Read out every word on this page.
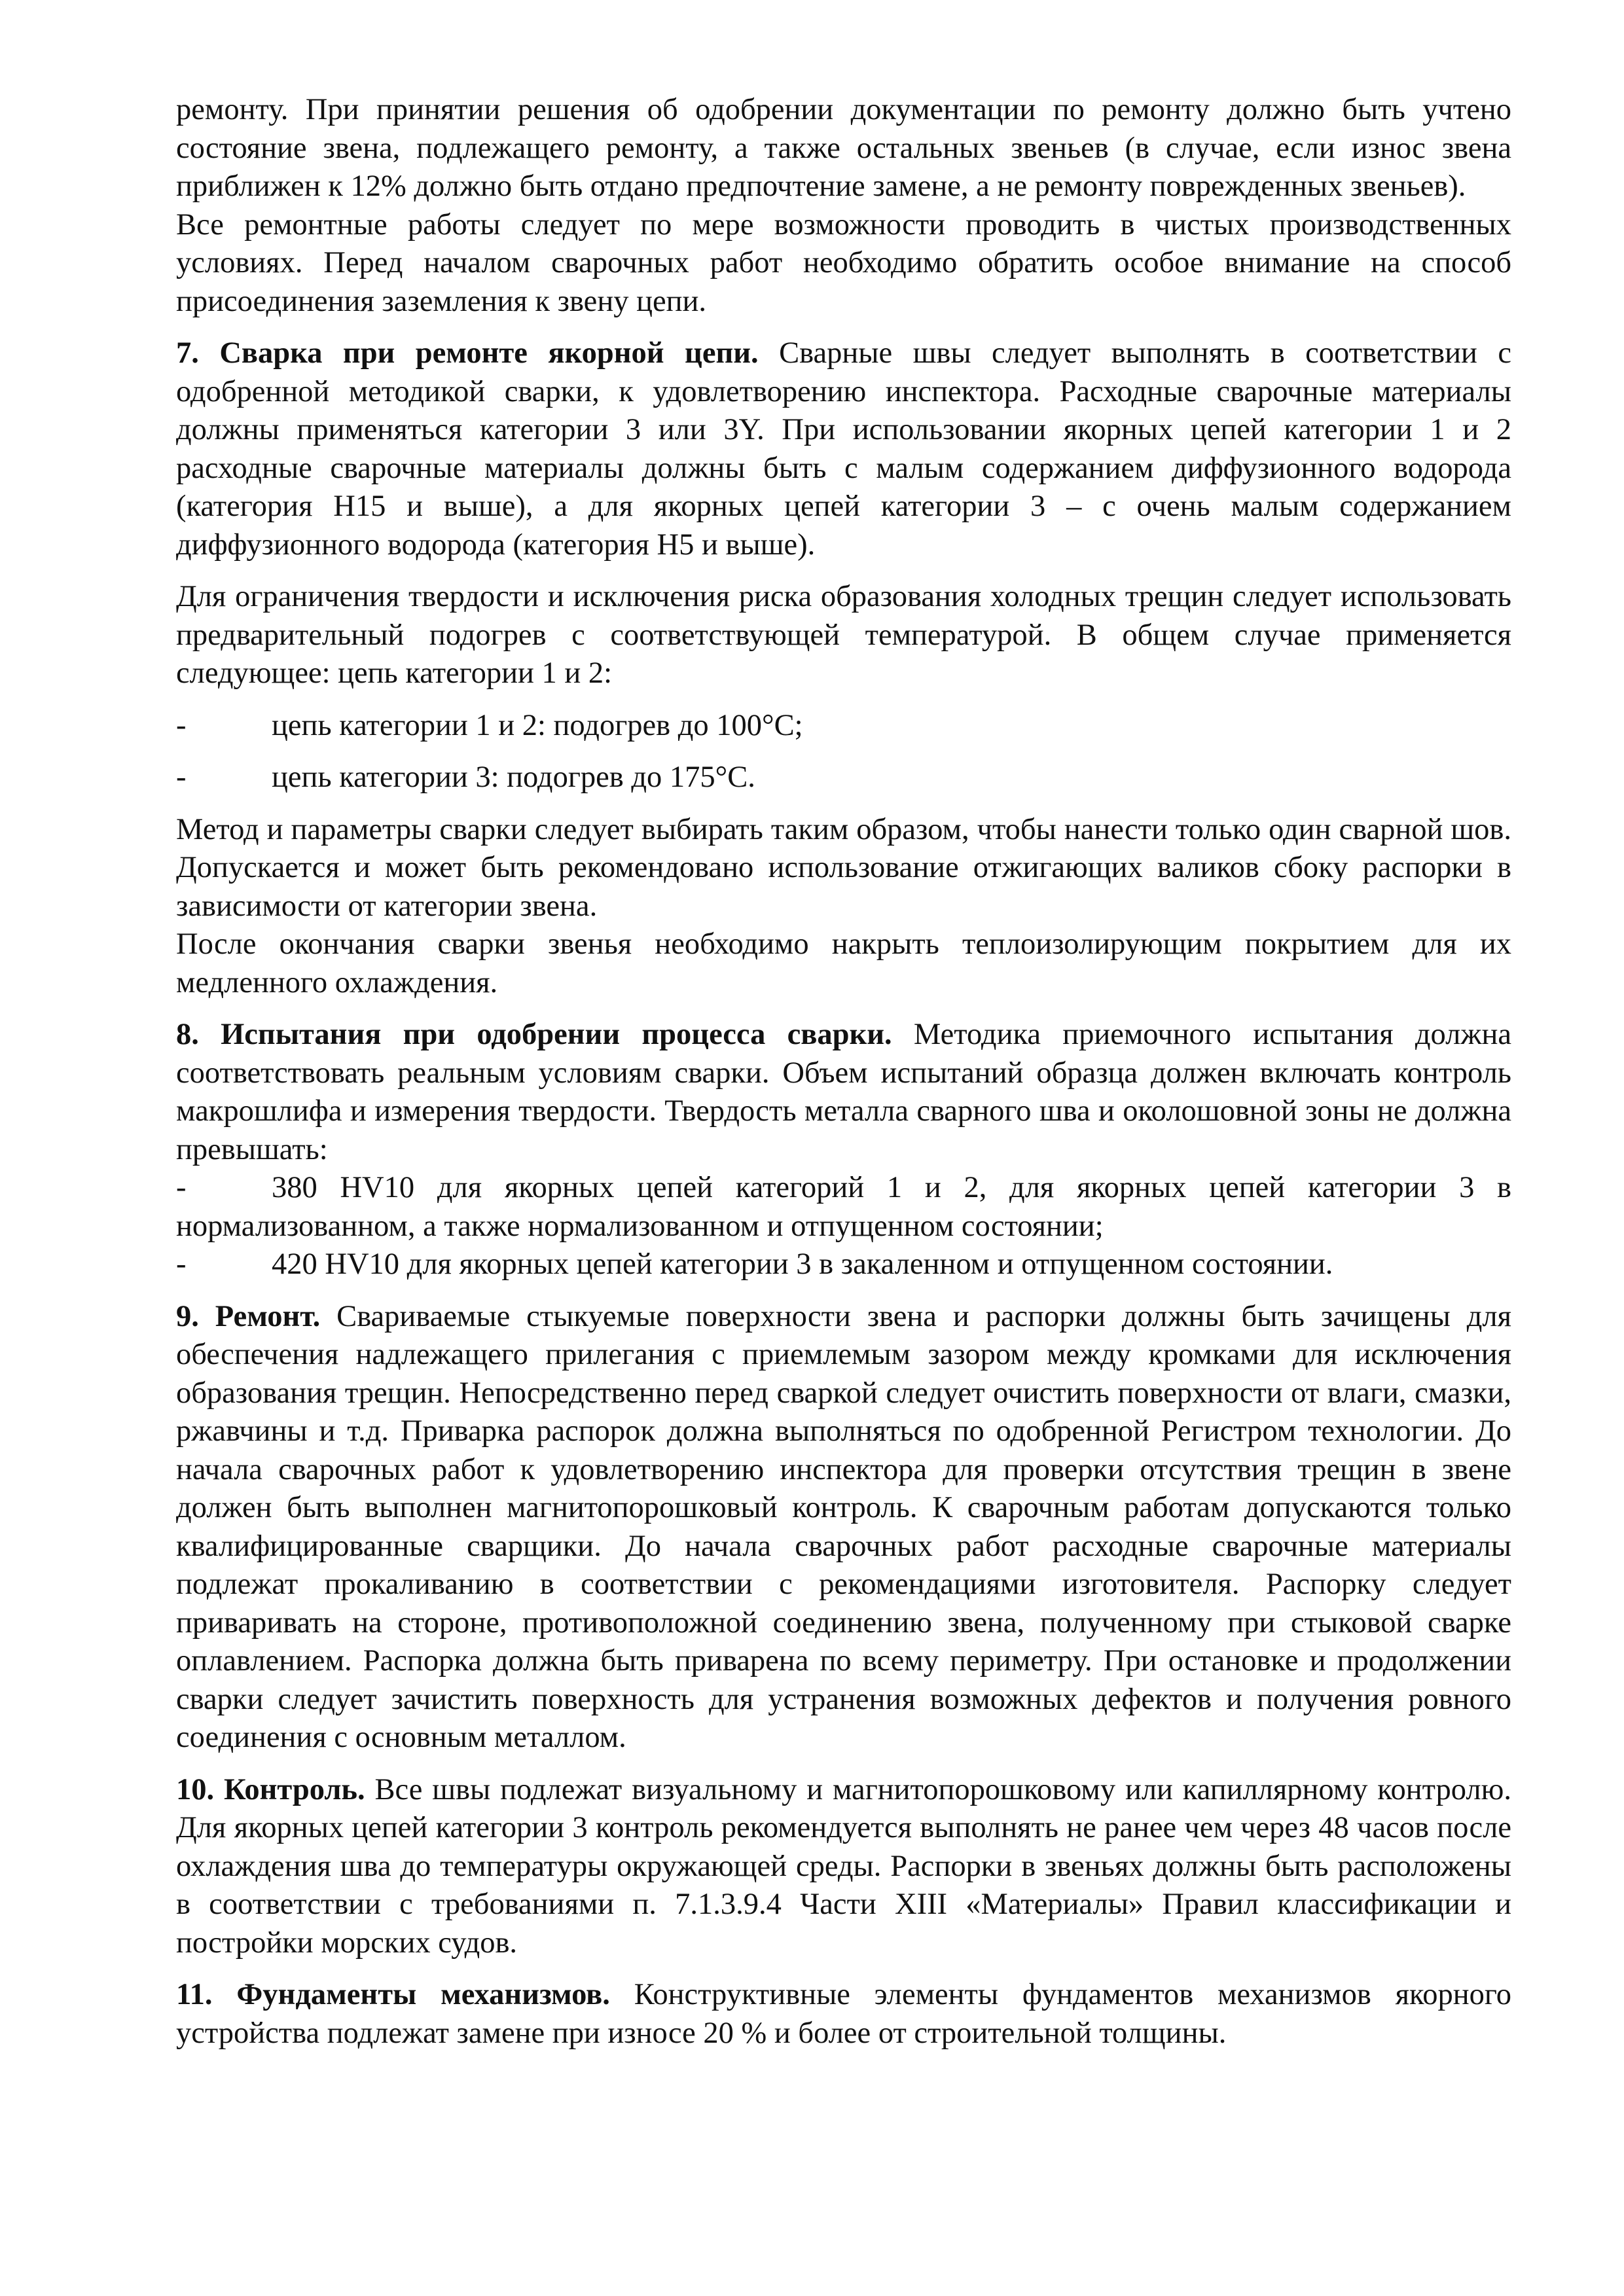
ремонту. При принятии решения об одобрении документации по ремонту должно быть учтено состояние звена, подлежащего ремонту, а также остальных звеньев (в случае, если износ звена приближен к 12% должно быть отдано предпочтение замене, а не ремонту поврежденных звеньев).

Все ремонтные работы следует по мере возможности проводить в чистых производственных условиях. Перед началом сварочных работ необходимо обратить особое внимание на способ присоединения заземления к звену цепи.

7. Сварка при ремонте якорной цепи. Сварные швы следует выполнять в соответствии с одобренной методикой сварки, к удовлетворению инспектора. Расходные сварочные материалы должны применяться категории 3 или 3Y. При использовании якорных цепей категории 1 и 2 расходные сварочные материалы должны быть с малым содержанием диффузионного водорода (категория H15 и выше), а для якорных цепей категории 3 – с очень малым содержанием диффузионного водорода (категория H5 и выше).

Для ограничения твердости и исключения риска образования холодных трещин следует использовать предварительный подогрев с соответствующей температурой. В общем случае применяется следующее: цепь категории 1 и 2:

-	цепь категории 1 и 2: подогрев до 100°С;

-	цепь категории 3: подогрев до 175°С.

Метод и параметры сварки следует выбирать таким образом, чтобы нанести только один сварной шов. Допускается и может быть рекомендовано использование отжигающих валиков сбоку распорки в зависимости от категории звена.

После окончания сварки звенья необходимо накрыть теплоизолирующим покрытием для их медленного охлаждения.

8. Испытания при одобрении процесса сварки. Методика приемочного испытания должна соответствовать реальным условиям сварки. Объем испытаний образца должен включать контроль макрошлифа и измерения твердости. Твердость металла сварного шва и околошовной зоны не должна превышать:

-	380 HV10 для якорных цепей категорий 1 и 2, для якорных цепей категории 3 в нормализованном, а также нормализованном и отпущенном состоянии;

-	420 HV10 для якорных цепей категории 3 в закаленном и отпущенном состоянии.

9. Ремонт. Свариваемые стыкуемые поверхности звена и распорки должны быть зачищены для обеспечения надлежащего прилегания с приемлемым зазором между кромками для исключения образования трещин. Непосредственно перед сваркой следует очистить поверхности от влаги, смазки, ржавчины и т.д. Приварка распорок должна выполняться по одобренной Регистром технологии. До начала сварочных работ к удовлетворению инспектора для проверки отсутствия трещин в звене должен быть выполнен магнитопорошковый контроль. К сварочным работам допускаются только квалифицированные сварщики. До начала сварочных работ расходные сварочные материалы подлежат прокаливанию в соответствии с рекомендациями изготовителя. Распорку следует приваривать на стороне, противоположной соединению звена, полученному при стыковой сварке оплавлением. Распорка должна быть приварена по всему периметру. При остановке и продолжении сварки следует зачистить поверхность для устранения возможных дефектов и получения ровного соединения с основным металлом.

10. Контроль. Все швы подлежат визуальному и магнитопорошковому или капиллярному контролю. Для якорных цепей категории 3 контроль рекомендуется выполнять не ранее чем через 48 часов после охлаждения шва до температуры окружающей среды. Распорки в звеньях должны быть расположены в соответствии с требованиями п. 7.1.3.9.4 Части XIII «Материалы» Правил классификации и постройки морских судов.

11. Фундаменты механизмов. Конструктивные элементы фундаментов механизмов якорного устройства подлежат замене при износе 20 % и более от строительной толщины.
